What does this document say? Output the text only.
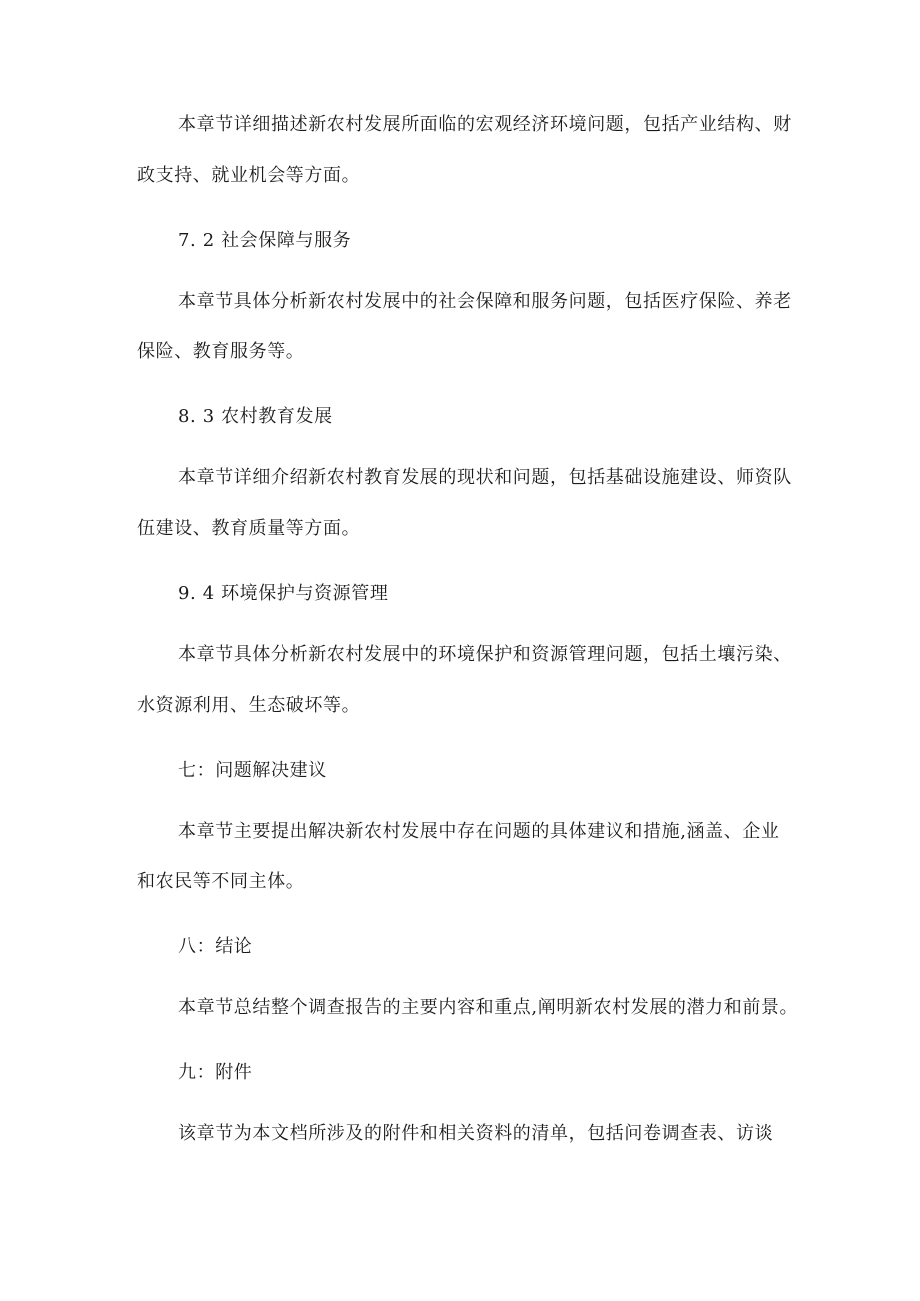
本章节详细描述新农村发展所面临的宏观经济环境问题，包括产业结构、财
政支持、就业机会等方面。
7. 2 社会保障与服务
本章节具体分析新农村发展中的社会保障和服务问题，包括医疗保险、养老
保险、教育服务等。
8. 3 农村教育发展
本章节详细介绍新农村教育发展的现状和问题，包括基础设施建设、师资队
伍建设、教育质量等方面。
9. 4 环境保护与资源管理
本章节具体分析新农村发展中的环境保护和资源管理问题，包括土壤污染、
水资源利用、生态破坏等。
七：问题解决建议
本章节主要提出解决新农村发展中存在问题的具体建议和措施,涵盖、企业
和农民等不同主体。
八：结论
本章节总结整个调查报告的主要内容和重点,阐明新农村发展的潜力和前景。
九：附件
该章节为本文档所涉及的附件和相关资料的清单，包括问卷调查表、访谈
